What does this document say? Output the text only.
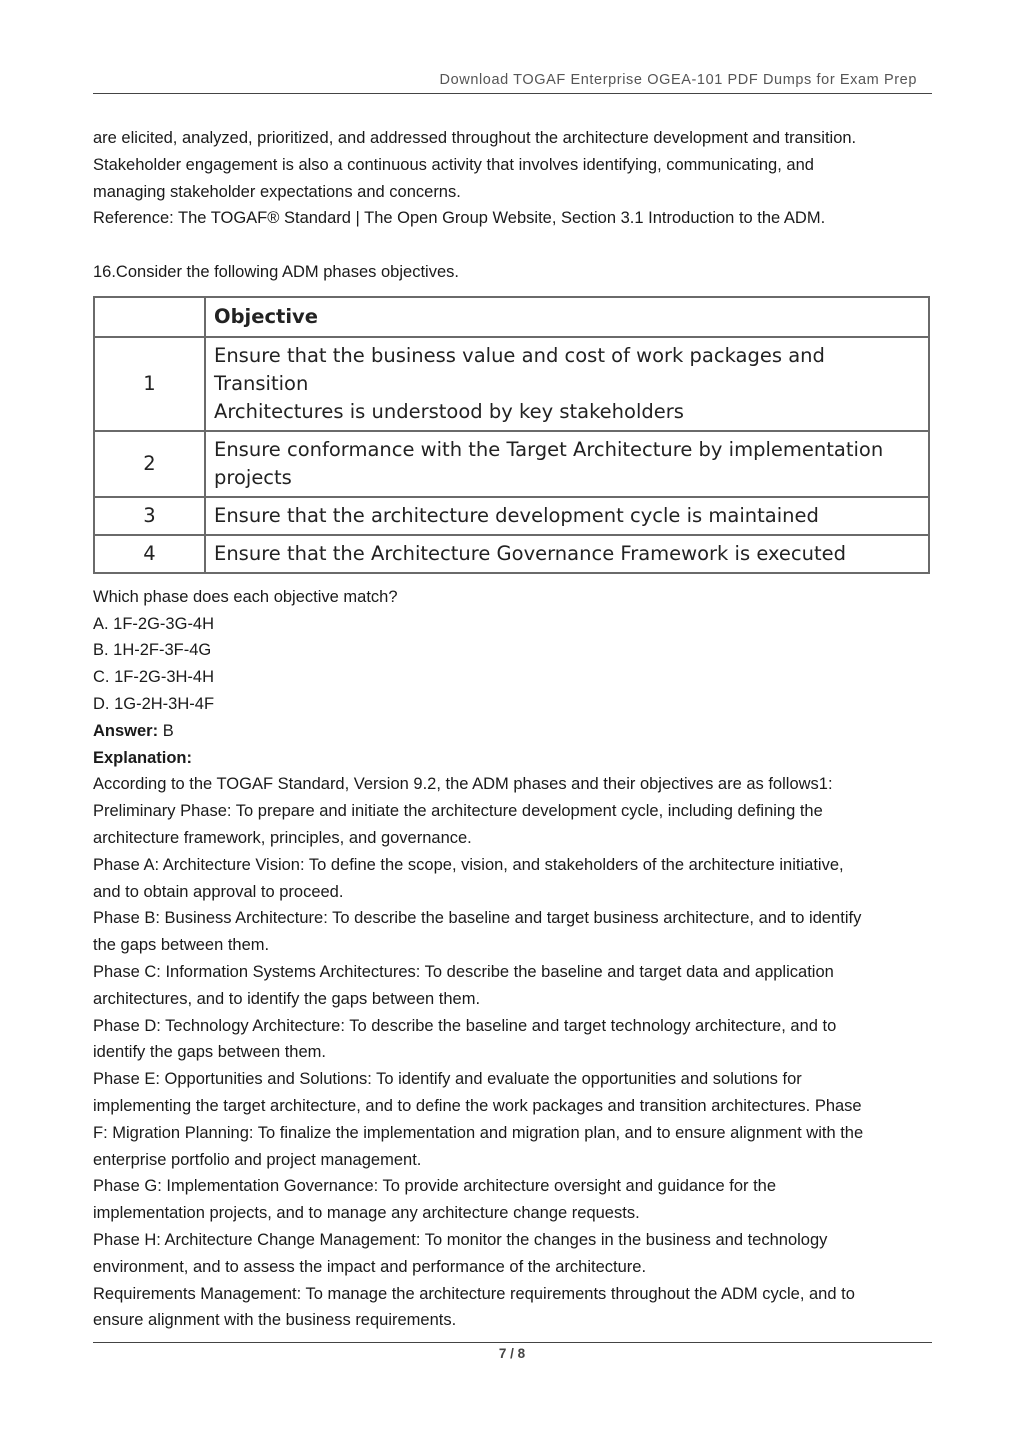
Download TOGAF Enterprise OGEA-101 PDF Dumps for Exam Prep

are elicited, analyzed, prioritized, and addressed throughout the architecture development and transition.

Stakeholder engagement is also a continuous activity that involves identifying, communicating, and

managing stakeholder expectations and concerns.

Reference: The TOGAF® Standard | The Open Group Website, Section 3.1 Introduction to the ADM.

16.Consider the following ADM phases objectives.

	Objective
1	Ensure that the business value and cost of work packages and Transition
Architectures is understood by key stakeholders

2	Ensure conformance with the Target Architecture by implementation
projects

3	Ensure that the architecture development cycle is maintained

4	Ensure that the Architecture Governance Framework is executed

Which phase does each objective match?

A. 1F-2G-3G-4H

B. 1H-2F-3F-4G

C. 1F-2G-3H-4H

D. 1G-2H-3H-4F

Answer: B

Explanation:

According to the TOGAF Standard, Version 9.2, the ADM phases and their objectives are as follows1:

Preliminary Phase: To prepare and initiate the architecture development cycle, including defining the

architecture framework, principles, and governance.

Phase A: Architecture Vision: To define the scope, vision, and stakeholders of the architecture initiative,

and to obtain approval to proceed.

Phase B: Business Architecture: To describe the baseline and target business architecture, and to identify

the gaps between them.

Phase C: Information Systems Architectures: To describe the baseline and target data and application

architectures, and to identify the gaps between them.

Phase D: Technology Architecture: To describe the baseline and target technology architecture, and to

identify the gaps between them.

Phase E: Opportunities and Solutions: To identify and evaluate the opportunities and solutions for

implementing the target architecture, and to define the work packages and transition architectures. Phase

F: Migration Planning: To finalize the implementation and migration plan, and to ensure alignment with the

enterprise portfolio and project management.

Phase G: Implementation Governance: To provide architecture oversight and guidance for the

implementation projects, and to manage any architecture change requests.

Phase H: Architecture Change Management: To monitor the changes in the business and technology

environment, and to assess the impact and performance of the architecture.

Requirements Management: To manage the architecture requirements throughout the ADM cycle, and to

ensure alignment with the business requirements.

7 / 8
